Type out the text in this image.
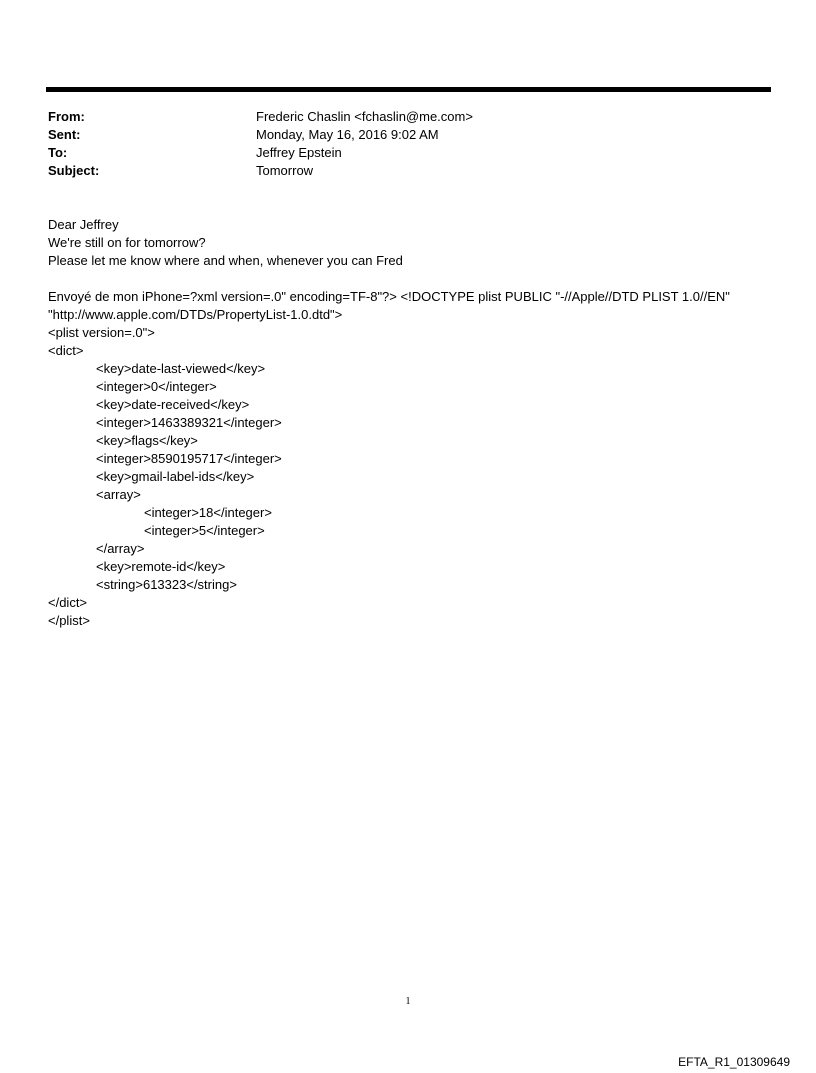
From:	Frederic Chaslin <fchaslin@me.com>
Sent:	Monday, May 16, 2016 9:02 AM
To:	Jeffrey Epstein
Subject:	Tomorrow

Dear Jeffrey

We're still on for tomorrow?

Please let me know where and when, whenever you can Fred

Envoyé de mon iPhone=?xml version=.0" encoding=TF-8"?> <!DOCTYPE plist PUBLIC "-//Apple//DTD PLIST 1.0//EN"

"http://www.apple.com/DTDs/PropertyList-1.0.dtd">

<plist version=.0">

<dict>

<key>date-last-viewed</key>

<integer>0</integer>

<key>date-received</key>

<integer>1463389321</integer>

<key>flags</key>

<integer>8590195717</integer>

<key>gmail-label-ids</key>

<array>

<integer>18</integer>

<integer>5</integer>

</array>

<key>remote-id</key>

<string>613323</string>

</dict>

</plist>

1
EFTA_R1_01309649
